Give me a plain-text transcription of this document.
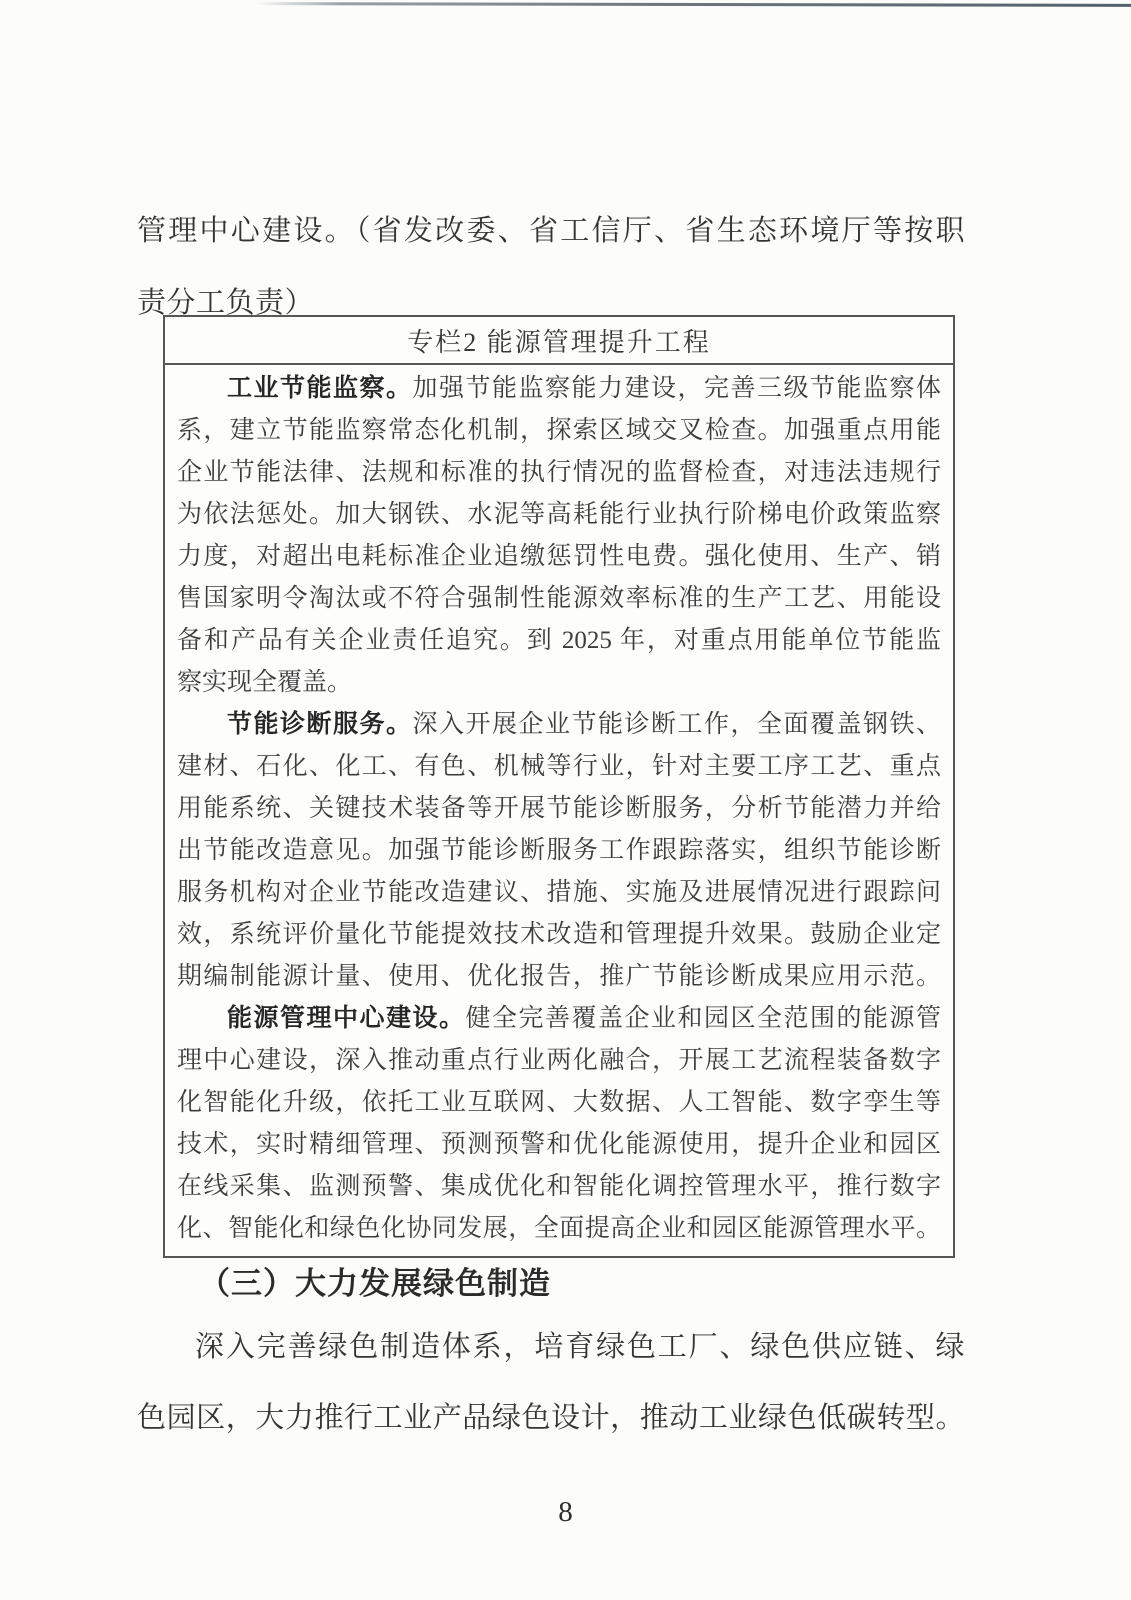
管理中心建设。（省发改委、省工信厅、省生态环境厅等按职
责分工负责）
专栏2 能源管理提升工程
工业节能监察。加强节能监察能力建设，完善三级节能监察体
系，建立节能监察常态化机制，探索区域交叉检查。加强重点用能
企业节能法律、法规和标准的执行情况的监督检查，对违法违规行
为依法惩处。加大钢铁、水泥等高耗能行业执行阶梯电价政策监察
力度，对超出电耗标准企业追缴惩罚性电费。强化使用、生产、销
售国家明令淘汰或不符合强制性能源效率标准的生产工艺、用能设
备和产品有关企业责任追究。到 2025 年，对重点用能单位节能监
察实现全覆盖。
节能诊断服务。深入开展企业节能诊断工作，全面覆盖钢铁、
建材、石化、化工、有色、机械等行业，针对主要工序工艺、重点
用能系统、关键技术装备等开展节能诊断服务，分析节能潜力并给
出节能改造意见。加强节能诊断服务工作跟踪落实，组织节能诊断
服务机构对企业节能改造建议、措施、实施及进展情况进行跟踪问
效，系统评价量化节能提效技术改造和管理提升效果。鼓励企业定
期编制能源计量、使用、优化报告，推广节能诊断成果应用示范。
能源管理中心建设。健全完善覆盖企业和园区全范围的能源管
理中心建设，深入推动重点行业两化融合，开展工艺流程装备数字
化智能化升级，依托工业互联网、大数据、人工智能、数字孪生等
技术，实时精细管理、预测预警和优化能源使用，提升企业和园区
在线采集、监测预警、集成优化和智能化调控管理水平，推行数字
化、智能化和绿色化协同发展，全面提高企业和园区能源管理水平。
（三）大力发展绿色制造
深入完善绿色制造体系，培育绿色工厂、绿色供应链、绿
色园区，大力推行工业产品绿色设计，推动工业绿色低碳转型。
8
